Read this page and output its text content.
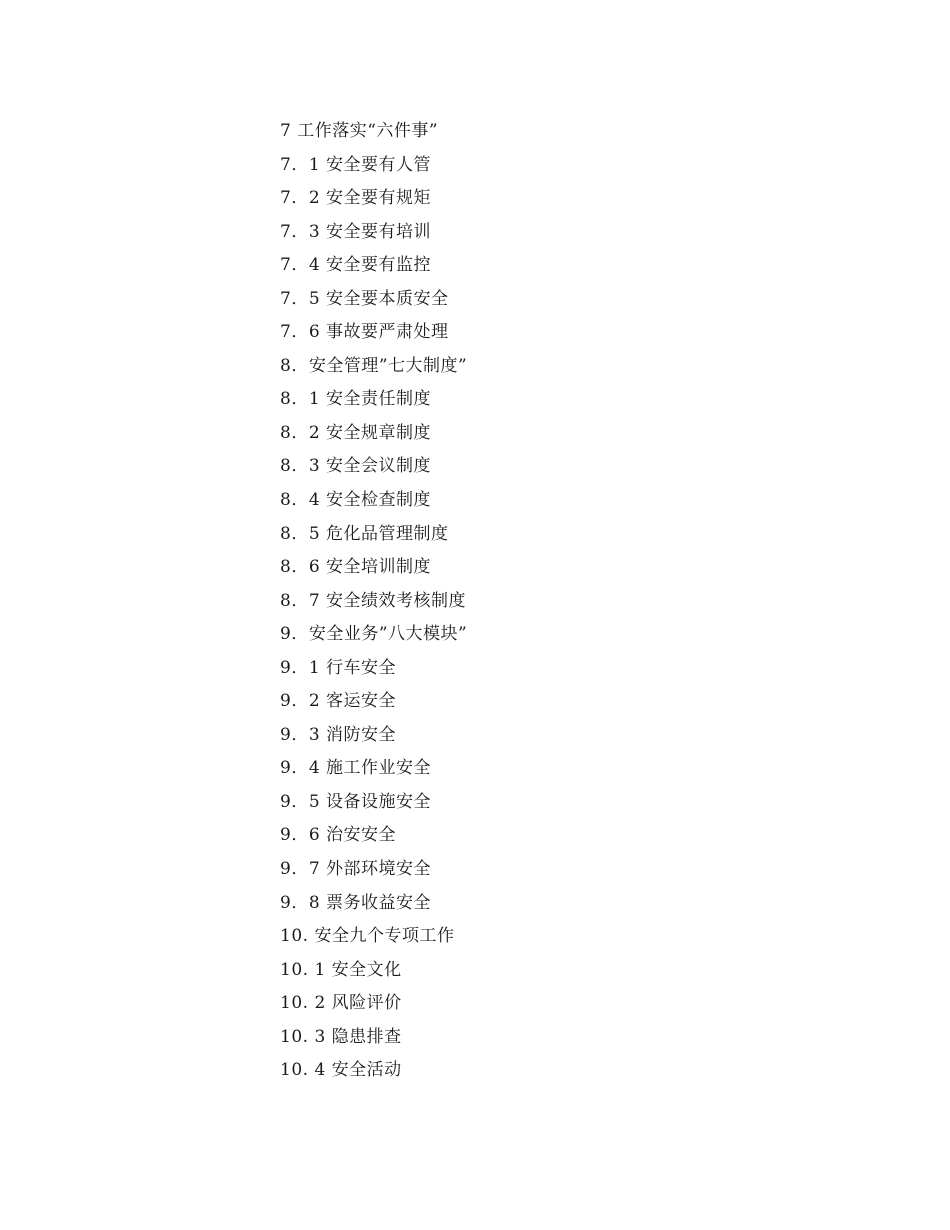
7 工作落实“六件事”
7．1 安全要有人管
7．2 安全要有规矩
7．3 安全要有培训
7．4 安全要有监控
7．5 安全要本质安全
7．6 事故要严肃处理
8．安全管理”七大制度”
8．1 安全责任制度
8．2 安全规章制度
8．3 安全会议制度
8．4 安全检查制度
8．5 危化品管理制度
8．6 安全培训制度
8．7 安全绩效考核制度
9．安全业务”八大模块”
9．1 行车安全
9．2 客运安全
9．3 消防安全
9．4 施工作业安全
9．5 设备设施安全
9．6 治安安全
9．7 外部环境安全
9．8 票务收益安全
10. 安全九个专项工作
10. 1 安全文化
10. 2 风险评价
10. 3 隐患排查
10. 4 安全活动
